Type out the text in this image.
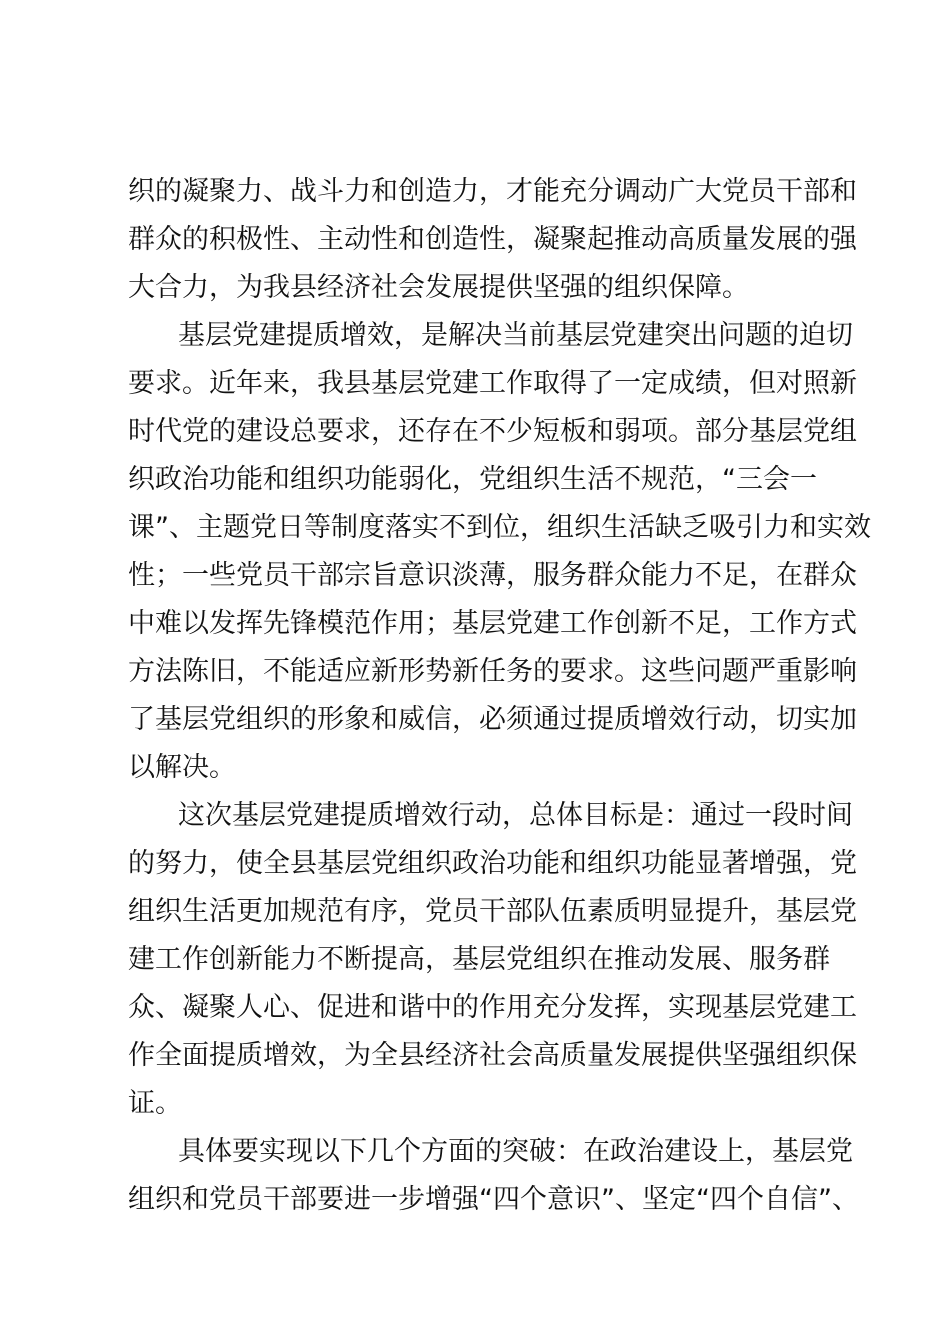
织的凝聚力、战斗力和创造力，才能充分调动广大党员干部和

群众的积极性、主动性和创造性，凝聚起推动高质量发展的强

大合力，为我县经济社会发展提供坚强的组织保障。

基层党建提质增效，是解决当前基层党建突出问题的迫切

要求。近年来，我县基层党建工作取得了一定成绩，但对照新

时代党的建设总要求，还存在不少短板和弱项。部分基层党组

织政治功能和组织功能弱化，党组织生活不规范，“三会一

课”、主题党日等制度落实不到位，组织生活缺乏吸引力和实效

性；一些党员干部宗旨意识淡薄，服务群众能力不足，在群众

中难以发挥先锋模范作用；基层党建工作创新不足，工作方式

方法陈旧，不能适应新形势新任务的要求。这些问题严重影响

了基层党组织的形象和威信，必须通过提质增效行动，切实加

以解决。

这次基层党建提质增效行动，总体目标是：通过一段时间

的努力，使全县基层党组织政治功能和组织功能显著增强，党

组织生活更加规范有序，党员干部队伍素质明显提升，基层党

建工作创新能力不断提高，基层党组织在推动发展、服务群

众、凝聚人心、促进和谐中的作用充分发挥，实现基层党建工

作全面提质增效，为全县经济社会高质量发展提供坚强组织保

证。

具体要实现以下几个方面的突破：在政治建设上，基层党

组织和党员干部要进一步增强“四个意识”、坚定“四个自信”、
